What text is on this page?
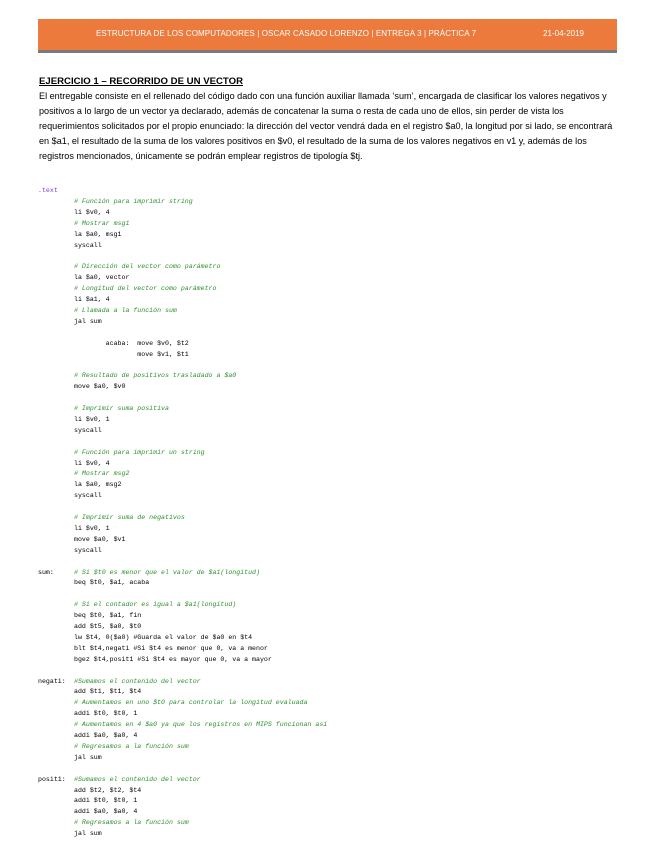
ESTRUCTURA DE LOS COMPUTADORES | OSCAR CASADO LORENZO | ENTREGA 3 | PRÁCTICA 7	21-04-2019
EJERCICIO 1 – RECORRIDO DE UN VECTOR

El entregable consiste en el rellenado del código dado con una función auxiliar llamada ‘sum’, encargada de clasificar los valores negativos y positivos a lo largo de un vector ya declarado, además de concatenar la suma o resta de cada uno de ellos, sin perder de vista los requerimientos solicitados por el propio enunciado: la dirección del vector vendrá dada en el registro $a0, la longitud por si lado, se encontrará en $a1, el resultado de la suma de los valores positivos en $v0, el resultado de la suma de los valores negativos en v1 y, además de los registros mencionados, únicamente se podrán emplear registros de tipología $tj.

.text
# Función para imprimir string
li $v0, 4
# Mostrar msg1
la $a0, msg1
syscall
# Dirección del vector como parámetro
la $a0, vector
# Longitud del vector como parámetro
li $a1, 4
# Llamada a la función sum
jal sum
acaba:  move $v0, $t2
move $v1, $t1
# Resultado de positivos trasladado a $a0
move $a0, $v0
# Imprimir suma positiva
li $v0, 1
syscall
# Función para imprimir un string
li $v0, 4
# Mostrar msg2
la $a0, msg2
syscall
# Imprimir suma de negativos
li $v0, 1
move $a0, $v1
syscall
sum:	# Si $t0 es menor que el valor de $a1(longitud)
beq $t0, $a1, acaba
# Si el contador es igual a $a1(longitud)
beq $t0, $a1, fin
add $t5, $a0, $t0
lw $t4, 0($a0) #Guarda el valor de $a0 en $t4
blt $t4,negati #Si $t4 es menor que 0, va a menor
bgez $t4,posit1 #Si $t4 es mayor que 0, va a mayor
negati: #Sumamos el contenido del vector
add $t1, $t1, $t4
# Aumentamos en uno $t0 para controlar la longitud evaluada
addi $t0, $t0, 1
# Aumentamos en 4 $a0 ya que los registros en MIPS funcionan así
addi $a0, $a0, 4
# Regresamos a la función sum
jal sum
posit1: #Sumamos el contenido del vector
add $t2, $t2, $t4
addi $t0, $t0, 1
addi $a0, $a0, 4
# Regresamos a la función sum
jal sum
